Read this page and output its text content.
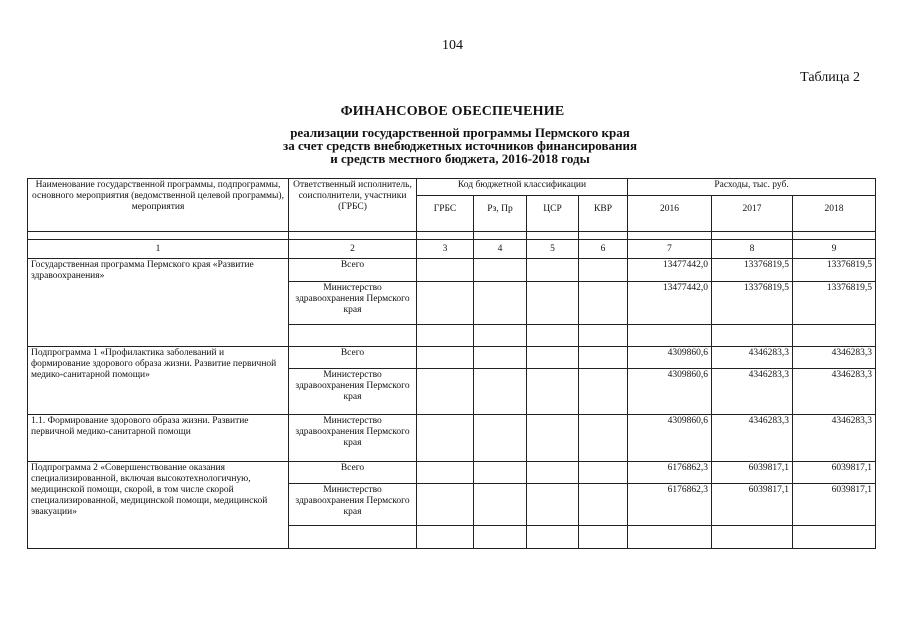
104
Таблица 2
ФИНАНСОВОЕ ОБЕСПЕЧЕНИЕ
реализации государственной программы Пермского края
за счет средств внебюджетных источников финансирования
и средств местного бюджета, 2016-2018 годы
Наименование государственной программы, подпрограммы, основного мероприятия (ведомственной целевой программы), мероприятия	Ответственный исполнитель, соисполнители, участники (ГРБС)	Код бюджетной классификации				Расходы, тыс. руб.		
		ГРБС	Рз, Пр	ЦСР	КВР	2016	2017	2018

1	2	3	4	5	6	7	8	9
Государственная программа Пермского края «Развитие здравоохранения»	Всего					13477442,0	13376819,5	13376819,5
	Министерство здравоохранения Пермского края					13477442,0	13376819,5	13376819,5

Подпрограмма 1 «Профилактика заболеваний и формирование здорового образа жизни. Развитие первичной медико-санитарной помощи»	Всего					4309860,6	4346283,3	4346283,3
	Министерство здравоохранения Пермского края					4309860,6	4346283,3	4346283,3
1.1. Формирование здорового образа жизни. Развитие первичной медико-санитарной помощи	Министерство здравоохранения Пермского края					4309860,6	4346283,3	4346283,3
Подпрограмма 2 «Совершенствование оказания специализированной, включая высокотехнологичную, медицинской помощи, скорой, в том числе скорой специализированной, медицинской помощи, медицинской эвакуации»	Всего					6176862,3	6039817,1	6039817,1
	Министерство здравоохранения Пермского края					6176862,3	6039817,1	6039817,1
